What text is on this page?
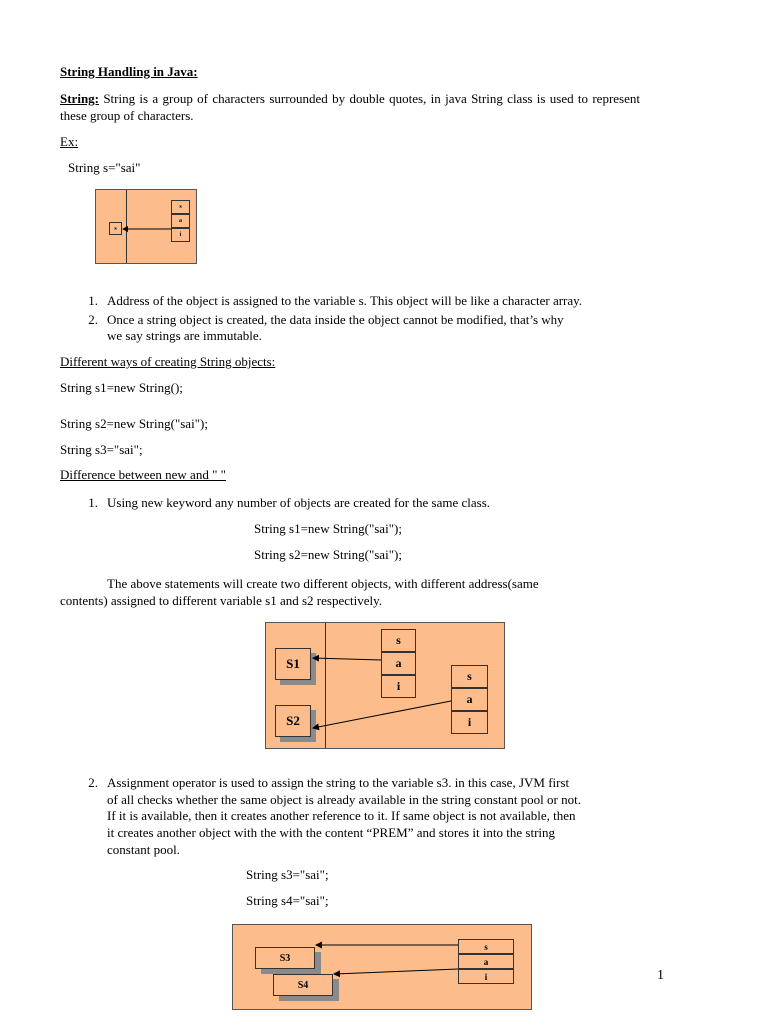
String Handling in Java:
String: String is a group of characters surrounded by double quotes, in java String class is used to represent these group of characters.
Ex:
String s="sai"
s
s
a
i
1. Address of the object is assigned to the variable s. This object will be like a character array.
2. Once a string object is created, the data inside the object cannot be modified, that’s why
we say strings are immutable.
Different ways of creating String objects:
String s1=new String();
String s2=new String("sai");
String s3="sai";
Difference between new and " "
1. Using new keyword any number of objects are created for the same class.
String s1=new String("sai");
String s2=new String("sai");
The above statements will create two different objects, with different address(same
contents) assigned to different variable s1 and s2 respectively.
S1
S2
s
a
i
s
a
i
2. Assignment operator is used to assign the string to the variable s3. in this case, JVM first
of all checks whether the same object is already available in the string constant pool or not.
If it is available, then it creates another reference to it. If same object is not available, then
it creates another object with the with the content “PREM” and stores it into the string
constant pool.
String s3="sai";
String s4="sai";
S3
S4
s
a
i	1
